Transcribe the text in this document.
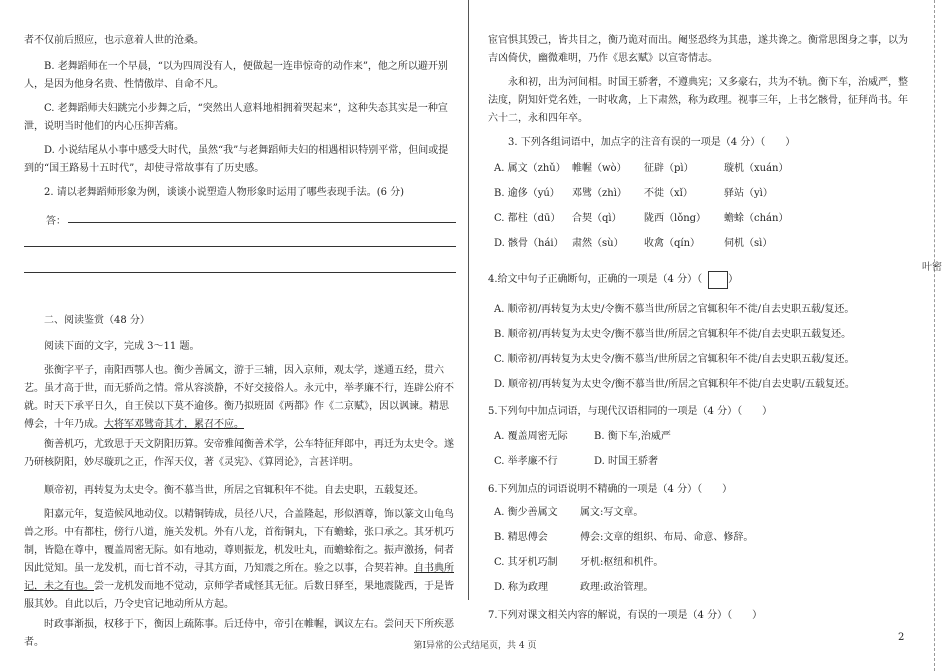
者不仅前后照应，也示意着人世的沧桑。

B. 老舞蹈师在一个早晨，“以为四周没有人，便做起一连串惊奇的动作来”，他之所以避开别人，是因为他身名贵、性情傲岸、自命不凡。

C. 老舞蹈师夫妇跳完小步舞之后，“突然出人意料地相拥着哭起来”，这种失态其实是一种宣泄，说明当时他们的内心压抑苦痛。

D. 小说结尾从小事中感受大时代，虽然“我”与老舞蹈师夫妇的相遇相识特别平常，但间或提到的“国王路易十五时代”，却使寻常故事有了历史感。

2. 请以老舞蹈师形象为例，谈谈小说塑造人物形象时运用了哪些表现手法。(6 分)

答：

二、阅读鉴赏（48 分）

阅读下面的文字，完成 3～11 题。

张衡字平子，南阳西鄂人也。衡少善属文，游于三辅，因入京师，观太学，遂通五经，贯六艺。虽才高于世，而无骄尚之情。常从容淡静，不好交接俗人。永元中，举孝廉不行，连辟公府不就。时天下承平日久，自王侯以下莫不逾侈。衡乃拟班固《两都》作《二京赋》，因以讽谏。精思傅会，十年乃成。大将军邓骘奇其才，累召不应。

衡善机巧，尤致思于天文阴阳历算。安帝雅闻衡善术学，公车特征拜郎中，再迁为太史令。遂乃研核阴阳，妙尽璇玑之正，作浑天仪，著《灵宪》、《算罔论》，言甚详明。

顺帝初，再转复为太史令。衡不慕当世，所居之官辄积年不徙。自去史职，五载复还。

阳嘉元年，复造候风地动仪。以精铜铸成，员径八尺，合盖隆起，形似酒尊，饰以篆文山龟鸟兽之形。中有都柱，傍行八道，施关发机。外有八龙，首衔铜丸，下有蟾蜍，张口承之。其牙机巧制，皆隐在尊中，覆盖周密无际。如有地动，尊则振龙，机发吐丸，而蟾蜍衔之。振声激扬，伺者因此觉知。虽一龙发机，而七首不动，寻其方面，乃知震之所在。验之以事，合契若神。自书典所记，未之有也。尝一龙机发而地不觉动，京师学者咸怪其无征。后数日驿至，果地震陇西，于是皆服其妙。自此以后，乃令史官记地动所从方起。

时政事渐损，权移于下，衡因上疏陈事。后迁侍中，帝引在帷幄，讽议左右。尝问天下所疾恶者。

宦官惧其毁己，皆共目之，衡乃诡对而出。阉竖恐终为其患，遂共谗之。衡常思图身之事，以为吉凶倚伏，幽微难明，乃作《思玄赋》以宣寄情志。

永和初，出为河间相。时国王骄奢，不遵典宪；又多豪右，共为不轨。衡下车，治威严，整法度，阴知奸党名姓，一时收禽，上下肃然，称为政理。视事三年，上书乞骸骨，征拜尚书。年六十二，永和四年卒。

3. 下列各组词语中，加点字的注音有误的一项是（4 分）（　　）

A. 属文（zhǔ） 帷幄（wò） 征辟（pì）	璇机（xuán）
B. 逾侈（yú） 邓骘（zhì） 不徙（xǐ）	驿站（yì）
C. 都柱（dū） 合契（qì） 陇西（lǒng） 蟾蜍（chán）
D. 骸骨（hái） 肃然（sù） 收禽（qín） 伺机（sì）
4.给文中句子正确断句，正确的一项是（4 分）（	）
A. 顺帝初/再转复为太史/令衡不慕当世/所居之官辄积年不徙/自去史职五载/复还。
B. 顺帝初/再转复为太史令/衡不慕当世/所居之官辄积年不徙/自去史职五载复还。
C. 顺帝初/再转复为太史令/衡不慕当/世所居之官辄积年不徙/自去史职五载/复还。
D. 顺帝初/再转复为太史令/衡不慕当世/所居之官辄积年不徙/自去史职/五载复还。
5.下列句中加点词语，与现代汉语相同的一项是（4 分）（　　）
A. 覆盖周密无际	B. 衡下车,治威严
C. 举孝廉不行	D. 时国王骄奢
6.下列加点的词语说明不精确的一项是（4 分）（　　）
A. 衡少善属文 属文:写文章。
B. 精思傅会	傅会:文章的组织、布局、命意、修辞。
C. 其牙机巧制 牙机:枢纽和机件。
D. 称为政理	政理:政治管理。
7.下列对课文相关内容的解说，有误的一项是（4 分）（　　）
2
第Ⅰ异常的公式结尾页，共 4 页
叶密
